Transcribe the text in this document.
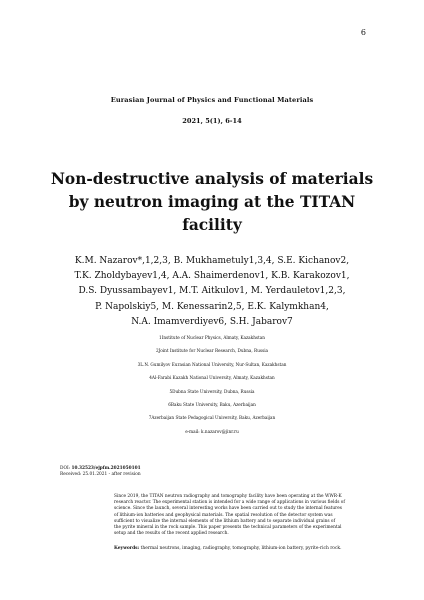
6
Eurasian Journal of Physics and Functional Materials
2021, 5(1), 6-14
Non-destructive analysis of materials
by neutron imaging at the TITAN
facility
K.M. Nazarov*,1,2,3, B. Mukhametuly1,3,4, S.E. Kichanov2,
T.K. Zholdybayev1,4, A.A. Shaimerdenov1, K.B. Karakozov1,
D.S. Dyussambayev1, M.T. Aitkulov1, M. Yerdauletov1,2,3,
P. Napolskiy5, M. Kenessarin2,5, E.K. Kalymkhan4,
N.A. Imamverdiyev6, S.H. Jabarov7
1Institute of Nuclear Physics, Almaty, Kazakhstan
2Joint Institute for Nuclear Research, Dubna, Russia
3L.N. Gumilyov Eurasian National University, Nur-Sultan, Kazakhstan
4Al-Farabi Kazakh National University, Almaty, Kazakhstan
5Dubna State University, Dubna, Russia
6Baku State University, Baku, Azerbaijan
7Azerbaijan State Pedagogical University, Baku, Azerbaijan
e-mail: k.nazarov@jinr.ru
DOI: 10.32523/ejpfm.2021050101
Received: 25.01.2021 - after revision
Since 2019, the TITAN neutron radiography and tomography facility have been operating at the WWR-K
research reactor. The experimental station is intended for a wide range of applications in various fields of
science. Since the launch, several interesting works have been carried out to study the internal features
of lithium-ion batteries and geophysical materials. The spatial resolution of the detector system was
sufficient to visualize the internal elements of the lithium battery and to separate individual grains of
the pyrite mineral in the rock sample. This paper presents the technical parameters of the experimental
setup and the results of the recent applied research.
Keywords: thermal neutrons, imaging, radiography, tomography, lithium-ion battery, pyrite-rich rock.
